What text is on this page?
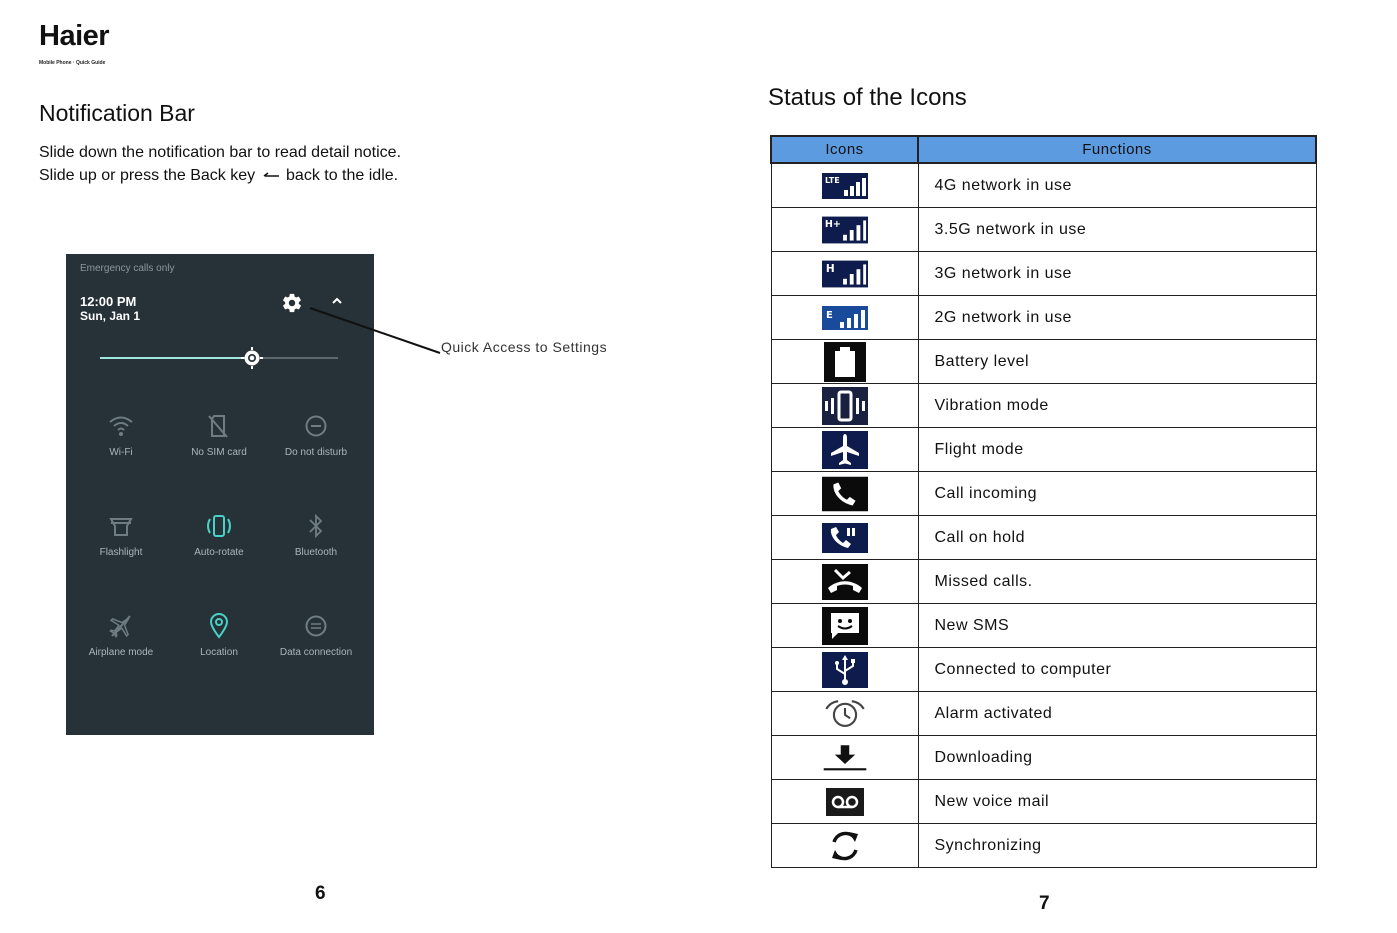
Haier
Mobile Phone · Quick Guide
Notification Bar
Slide down the notification bar to read detail notice.
Slide up or press the Back key back to the idle.
Emergency calls only
12:00 PM
Sun, Jan 1
Wi-Fi	No SIM card	Do not disturb
Flashlight	Auto-rotate	Bluetooth
Airplane mode	Location	Data connection
Quick Access to Settings
6
Status of the Icons
Icons	Functions

LTE	4G network in use

H+	3.5G network in use

H	3G network in use

E	2G network in use

	Battery level

	Vibration mode

	Flight mode

	Call incoming

	Call on hold

	Missed calls.

	New SMS

	Connected to computer

	Alarm activated

	Downloading

	New voice mail

	Synchronizing
7
